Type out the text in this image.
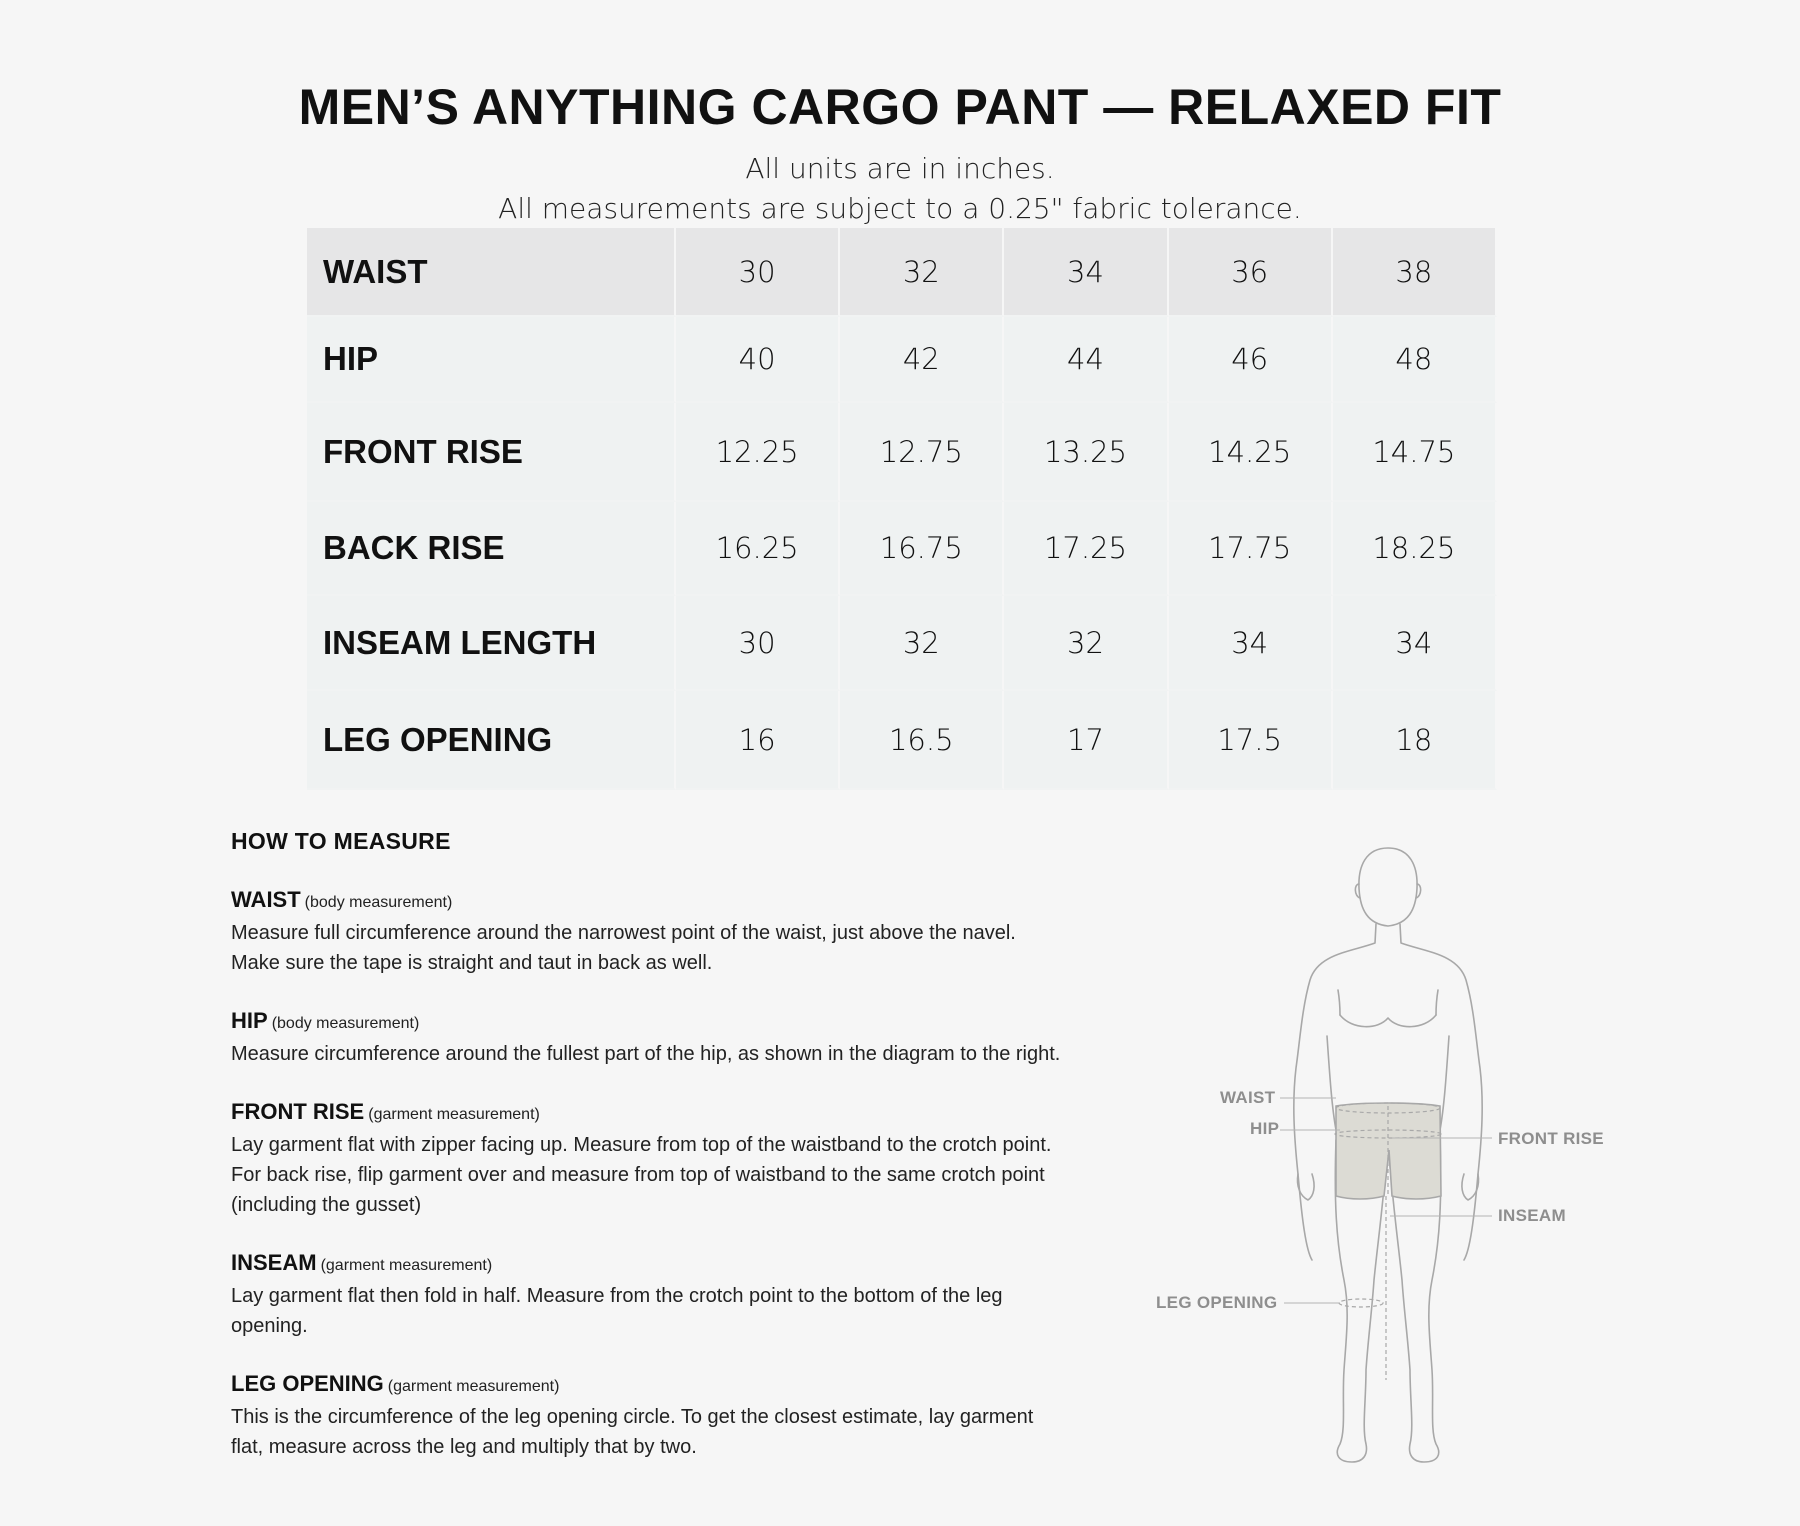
MEN’S ANYTHING CARGO PANT — RELAXED FIT
All units are in inches.
All measurements are subject to a 0.25" fabric tolerance.
WAIST	30	32	34	36	38
HIP	40	42	44	46	48
FRONT RISE	12.25	12.75	13.25	14.25	14.75
BACK RISE	16.25	16.75	17.25	17.75	18.25
INSEAM LENGTH	30	32	32	34	34
LEG OPENING	16	16.5	17	17.5	18
HOW TO MEASURE
WAIST (body measurement)
Measure full circumference around the narrowest point of the waist, just above the navel. Make sure the tape is straight and taut in back as well.
HIP (body measurement)
Measure circumference around the fullest part of the hip, as shown in the diagram to the right.
FRONT RISE (garment measurement)
Lay garment flat with zipper facing up. Measure from top of the waistband to the crotch point. For back rise, flip garment over and measure from top of waistband to the same crotch point (including the gusset)
INSEAM (garment measurement)
Lay garment flat then fold in half. Measure from the crotch point to the bottom of the leg opening.
LEG OPENING (garment measurement)
This is the circumference of the leg opening circle. To get the closest estimate, lay garment flat, measure across the leg and multiply that by two.
WAIST
HIP
FRONT RISE
INSEAM
LEG OPENING
